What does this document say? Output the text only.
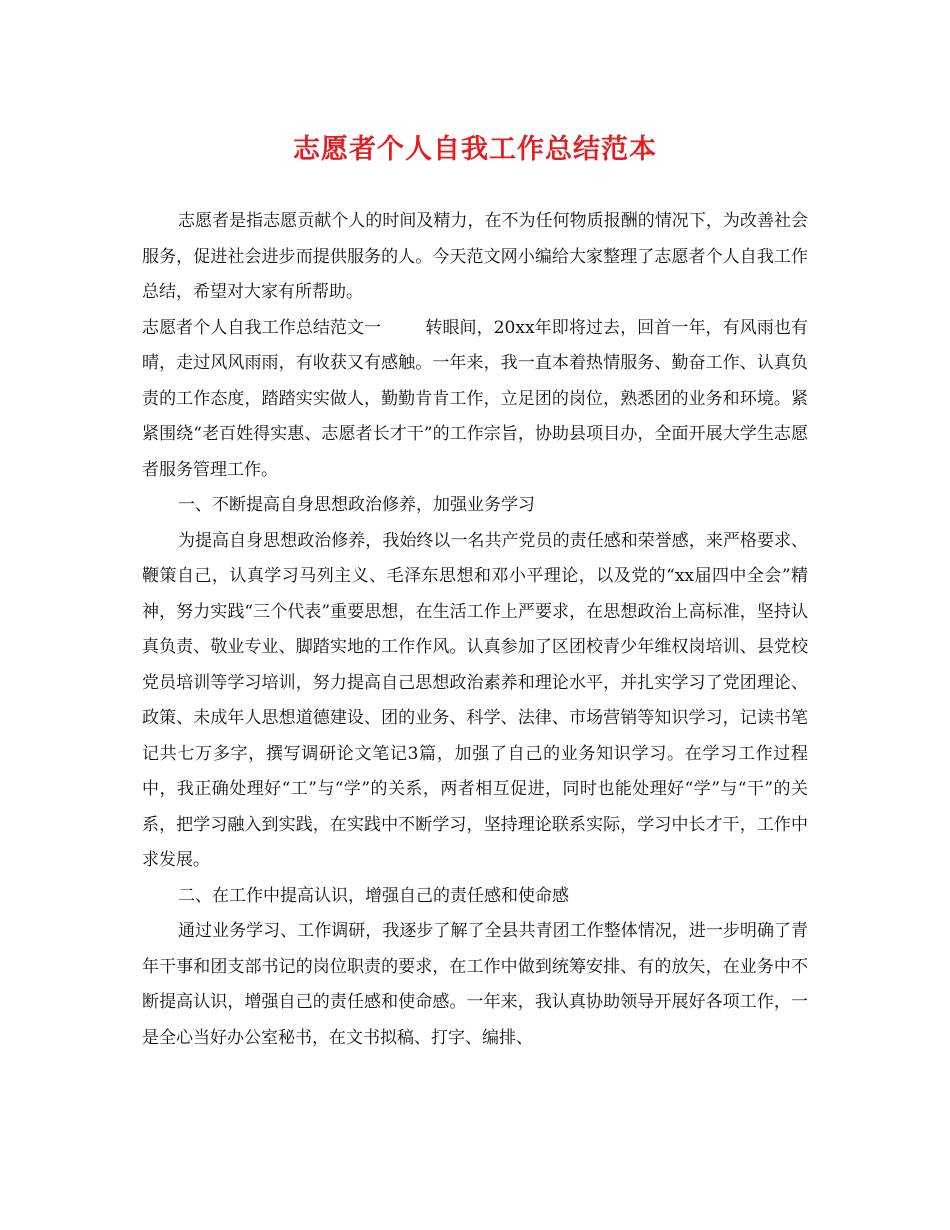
志愿者个人自我工作总结范本

志愿者是指志愿贡献个人的时间及精力，在不为任何物质报酬的情况下，为改善社会服务，促进社会进步而提供服务的人。今天范文网小编给大家整理了志愿者个人自我工作总结，希望对大家有所帮助。

志愿者个人自我工作总结范文一	转眼间，20xx年即将过去，回首一年，有风雨也有晴，走过风风雨雨，有收获又有感触。一年来，我一直本着热情服务、勤奋工作、认真负责的工作态度，踏踏实实做人，勤勤肯肯工作，立足团的岗位，熟悉团的业务和环境。紧紧围绕“老百姓得实惠、志愿者长才干”的工作宗旨，协助县项目办，全面开展大学生志愿者服务管理工作。

一、不断提高自身思想政治修养，加强业务学习

为提高自身思想政治修养，我始终以一名共产党员的责任感和荣誉感，来严格要求、鞭策自己，认真学习马列主义、毛泽东思想和邓小平理论，以及党的“xx届四中全会”精神，努力实践“三个代表”重要思想，在生活工作上严要求，在思想政治上高标准，坚持认真负责、敬业专业、脚踏实地的工作作风。认真参加了区团校青少年维权岗培训、县党校党员培训等学习培训，努力提高自己思想政治素养和理论水平，并扎实学习了党团理论、政策、未成年人思想道德建设、团的业务、科学、法律、市场营销等知识学习，记读书笔记共七万多字，撰写调研论文笔记3篇，加强了自己的业务知识学习。在学习工作过程中，我正确处理好“工”与“学”的关系，两者相互促进，同时也能处理好“学”与“干”的关系，把学习融入到实践，在实践中不断学习，坚持理论联系实际，学习中长才干，工作中求发展。

二、在工作中提高认识，增强自己的责任感和使命感

通过业务学习、工作调研，我逐步了解了全县共青团工作整体情况，进一步明确了青年干事和团支部书记的岗位职责的要求，在工作中做到统筹安排、有的放矢，在业务中不断提高认识，增强自己的责任感和使命感。一年来，我认真协助领导开展好各项工作，一是全心当好办公室秘书，在文书拟稿、打字、编排、
